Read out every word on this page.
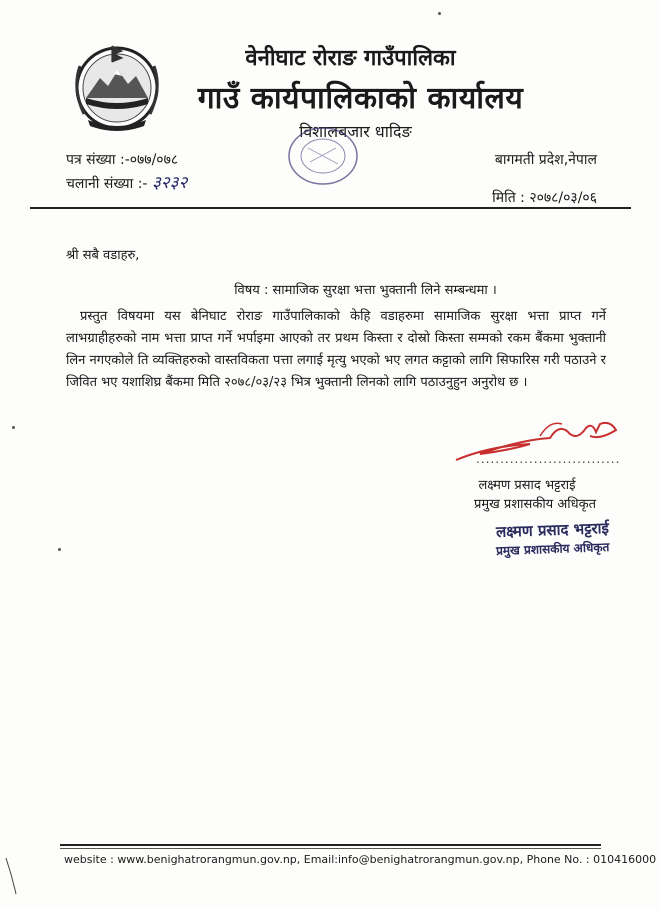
वेनीघाट रोराङ गाउँपालिका
गाउँ कार्यपालिकाको कार्यालय
विशालबजार धादिङ
पत्र संख्या :-०७७/०७८
चलानी संख्या :- ३२३२
बागमती प्रदेश,नेपाल
मिति : २०७८/०३/०६
श्री सबै वडाहरु,
विषय : सामाजिक सुरक्षा भत्ता भुक्तानी लिने सम्बन्धमा ।
प्रस्तुत विषयमा यस बेनिघाट रोराङ गाउँपालिकाको केहि वडाहरुमा सामाजिक सुरक्षा भत्ता प्राप्त गर्ने लाभग्राहीहरुको नाम भत्ता प्राप्त गर्ने भर्पाइमा आएको तर प्रथम किस्ता र दोस्रो किस्ता सम्मको रकम बैंकमा भुक्तानी लिन नगएकोले ति व्यक्तिहरुको वास्तविकता पत्ता लगाई मृत्यु भएको भए लगत कट्टाको लागि सिफारिस गरी पठाउने र जिवित भए यशाशिघ्र बैंकमा मिति २०७८/०३/२३ भित्र भुक्तानी लिनको लागि पठाउनुहुन अनुरोध छ ।
..............................
लक्ष्मण प्रसाद भट्टराई
प्रमुख प्रशासकीय अधिकृत
लक्ष्मण प्रसाद भट्टराई
प्रमुख प्रशासकीय अधिकृत
website : www.benighatrorangmun.gov.np, Email:info@benighatrorangmun.gov.np, Phone No. : 010416000
